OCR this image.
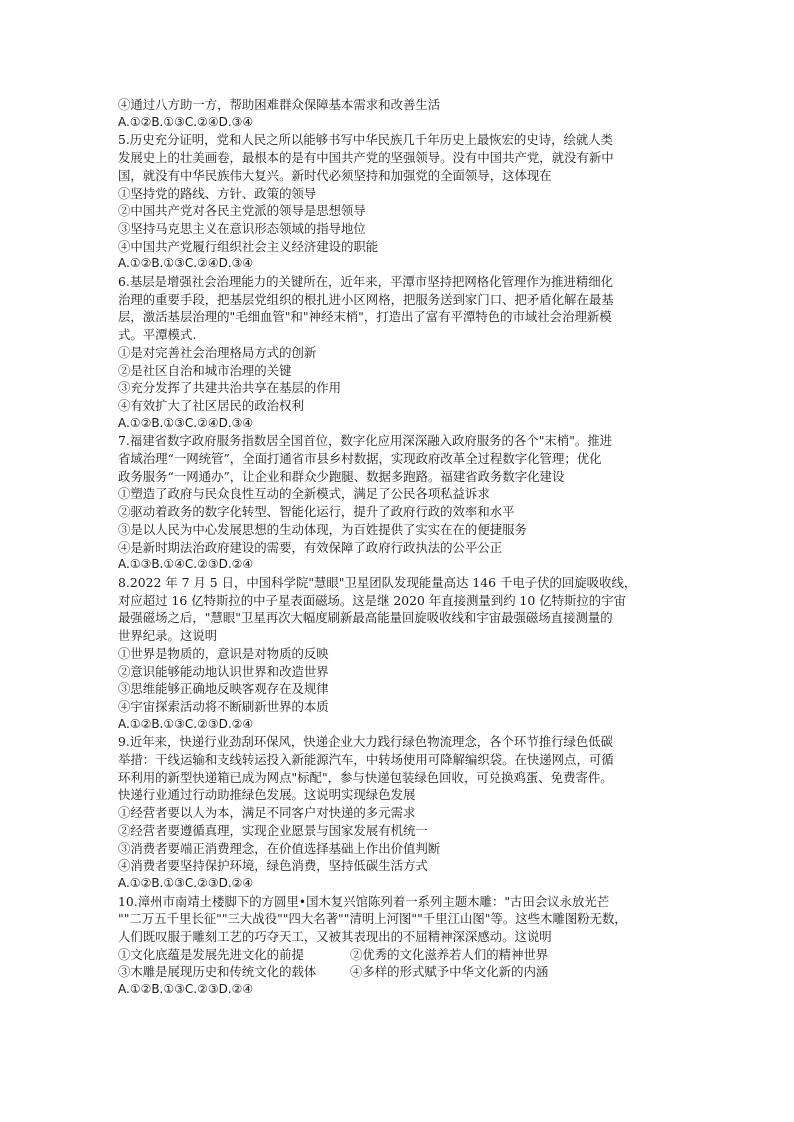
④通过八方助一方，帮助困难群众保障基本需求和改善生活
A.①②B.①③C.②④D.③④
5.历史充分证明，党和人民之所以能够书写中华民族几千年历史上最恢宏的史诗，绘就人类
发展史上的壮美画卷，最根本的是有中国共产党的坚强领导。没有中国共产党，就没有新中
国，就没有中华民族伟大复兴。新时代必须坚持和加强党的全面领导，这体现在
①坚持党的路线、方针、政策的领导
②中国共产党对各民主党派的领导是思想领导
③坚持马克思主义在意识形态领域的指导地位
④中国共产党履行组织社会主义经济建设的职能
A.①②B.①③C.②④D.③④
6.基层是增强社会治理能力的关键所在，近年来，平潭市坚持把网格化管理作为推进精细化
治理的重要手段，把基层党组织的根扎进小区网格，把服务送到家门口、把矛盾化解在最基
层，激活基层治理的"毛细血管"和"神经末梢"，打造出了富有平潭特色的市域社会治理新模
式。平潭模式.
①是对完善社会治理格局方式的创新
②是社区自治和城市治理的关键
③充分发挥了共建共治共享在基层的作用
④有效扩大了社区居民的政治权利
A.①②B.①③C.②④D.③④
7.福建省数字政府服务指数居全国首位，数字化应用深深融入政府服务的各个"末梢"。推进
省域治理“一网统管”，全面打通省市县乡村数据，实现政府改革全过程数字化管理；优化
政务服务“一网通办”，让企业和群众少跑腿、数据多跑路。福建省政务数字化建设
①塑造了政府与民众良性互动的全新模式，满足了公民各项私益诉求
②驱动着政务的数字化转型、智能化运行，提升了政府行政的效率和水平
③是以人民为中心发展思想的生动体现，为百姓提供了实实在在的便捷服务
④是新时期法治政府建设的需要，有效保障了政府行政执法的公平公正
A.①③B.①④C.②③D.②④
8.2022 年 7 月 5 日，中国科学院"慧眼"卫星团队发现能量高达 146 千电子伏的回旋吸收线，
对应超过 16 亿特斯拉的中子星表面磁场。这是继 2020 年直接测量到约 10 亿特斯拉的宇宙
最强磁场之后，"慧眼"卫星再次大幅度刷新最高能量回旋吸收线和宇宙最强磁场直接测量的
世界纪录。这说明
①世界是物质的，意识是对物质的反映
②意识能够能动地认识世界和改造世界
③思维能够正确地反映客观存在及规律
④宇宙探索活动将不断刷新世界的本质
A.①②B.①③C.②③D.②④
9.近年来，快递行业劲刮环保风，快递企业大力践行绿色物流理念，各个环节推行绿色低碳
举措：干线运输和支线转运投入新能源汽车，中转场使用可降解编织袋。在快递网点，可循
环利用的新型快递箱已成为网点"标配"，参与快递包装绿色回收，可兑换鸡蛋、免费寄件。
快递行业通过行动助推绿色发展。这说明实现绿色发展
①经营者要以人为本，满足不同客户对快递的多元需求
②经营者要遵循真理，实现企业愿景与国家发展有机统一
③消费者要端正消费理念，在价值选择基础上作出价值判断
④消费者要坚持保护环境，绿色消费，坚持低碳生活方式
A.①②B.①③C.②③D.②④
10.漳州市南靖土楼脚下的方圆里•国木复兴馆陈列着一系列主题木雕："古田会议永放光芒
""二万五千里长征""三大战役""四大名著""清明上河图""千里江山图"等。这些木雕图粉无数，
人们既叹服于雕刻工艺的巧夺天工，又被其表现出的不屈精神深深感动。这说明
①文化底蕴是发展先进文化的前提	②优秀的文化滋养若人们的精神世界
③木雕是展现历史和传统文化的载体	④多样的形式赋予中华文化新的内涵
A.①②B.①③C.②③D.②④
